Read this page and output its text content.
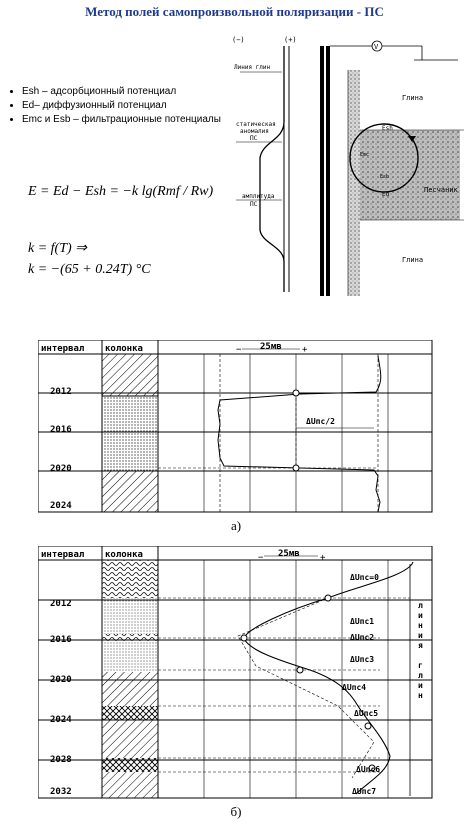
Метод полей самопроизвольной поляризации - ПС
• Esh – адсорбционный потенциал
• Ed– диффузионный потенциал
• Emc и Esb – фильтрационные потенциалы
E = Ed − Esh = −k lg(Rmf / Rw)
k = f(T) ⇒
k = −(65 + 0.24T) °C
(−)	(+)
Линия глин
статическая аномалия ПС
амплитуда ПС
V
Глина
Песчаник
Глина
Esh
Emc
Ed
Esb
интервал колонка
2012
2016
2020
2024
− 25мв +
ΔUпс/2
а)
интервал колонка
2012
2016
2020
2024
2028
2032
− 25мв +
ΔUпс=0
ΔUпс1
ΔUпс2
ΔUпс3
ΔUпс4
ΔUпс5
ΔUпс6
ΔUпс7
л и н и я г л и н
б)
